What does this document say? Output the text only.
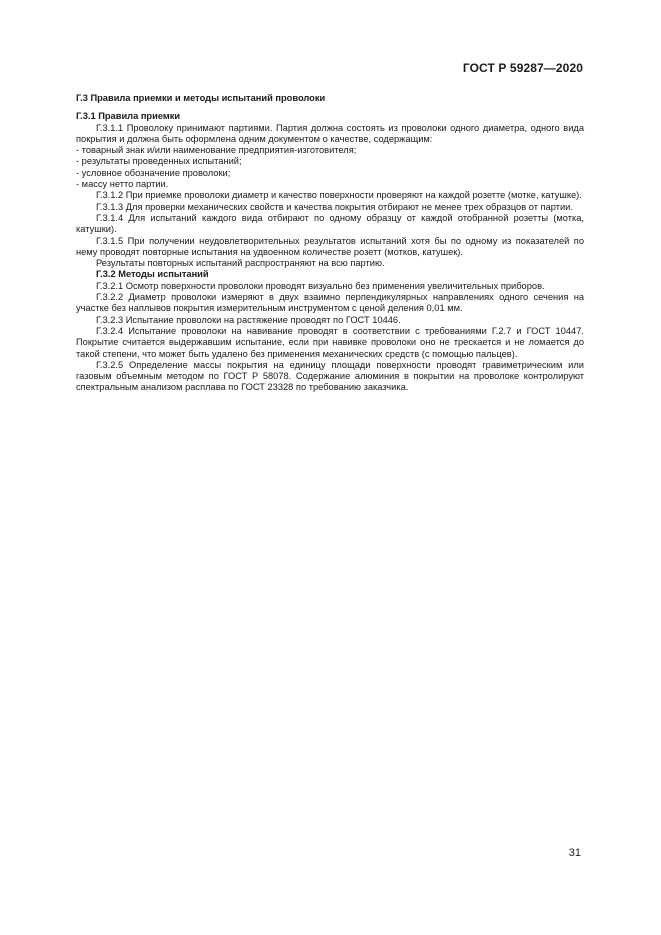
ГОСТ Р 59287—2020

Г.3 Правила приемки и методы испытаний проволоки

Г.3.1 Правила приемки

Г.3.1.1 Проволоку принимают партиями. Партия должна состоять из проволоки одного диаметра, одного вида покрытия и должна быть оформлена одним документом о качестве, содержащим:

- товарный знак и/или наименование предприятия-изготовителя;

- результаты проведенных испытаний;

- условное обозначение проволоки;

- массу нетто партии.

Г.3.1.2 При приемке проволоки диаметр и качество поверхности проверяют на каждой розетте (мотке, катушке).

Г.3.1.3 Для проверки механических свойств и качества покрытия отбирают не менее трех образцов от партии.

Г.3.1.4 Для испытаний каждого вида отбирают по одному образцу от каждой отобранной розетты (мотка, катушки).

Г.3.1.5 При получении неудовлетворительных результатов испытаний хотя бы по одному из показателей по нему проводят повторные испытания на удвоенном количестве розетт (мотков, катушек).

Результаты повторных испытаний распространяют на всю партию.

Г.3.2 Методы испытаний

Г.3.2.1 Осмотр поверхности проволоки проводят визуально без применения увеличительных приборов.

Г.3.2.2 Диаметр проволоки измеряют в двух взаимно перпендикулярных направлениях одного сечения на участке без наплывов покрытия измерительным инструментом с ценой деления 0,01 мм.

Г.3.2.3 Испытание проволоки на растяжение проводят по ГОСТ 10446.

Г.3.2.4 Испытание проволоки на навивание проводят в соответствии с требованиями Г.2.7 и ГОСТ 10447. Покрытие считается выдержавшим испытание, если при навивке проволоки оно не трескается и не ломается до такой степени, что может быть удалено без применения механических средств (с помощью пальцев).

Г.3.2.5 Определение массы покрытия на единицу площади поверхности проводят гравиметрическим или газовым объемным методом по ГОСТ Р 58078. Содержание алюминия в покрытии на проволоке контролируют спектральным анализом расплава по ГОСТ 23328 по требованию заказчика.

31
